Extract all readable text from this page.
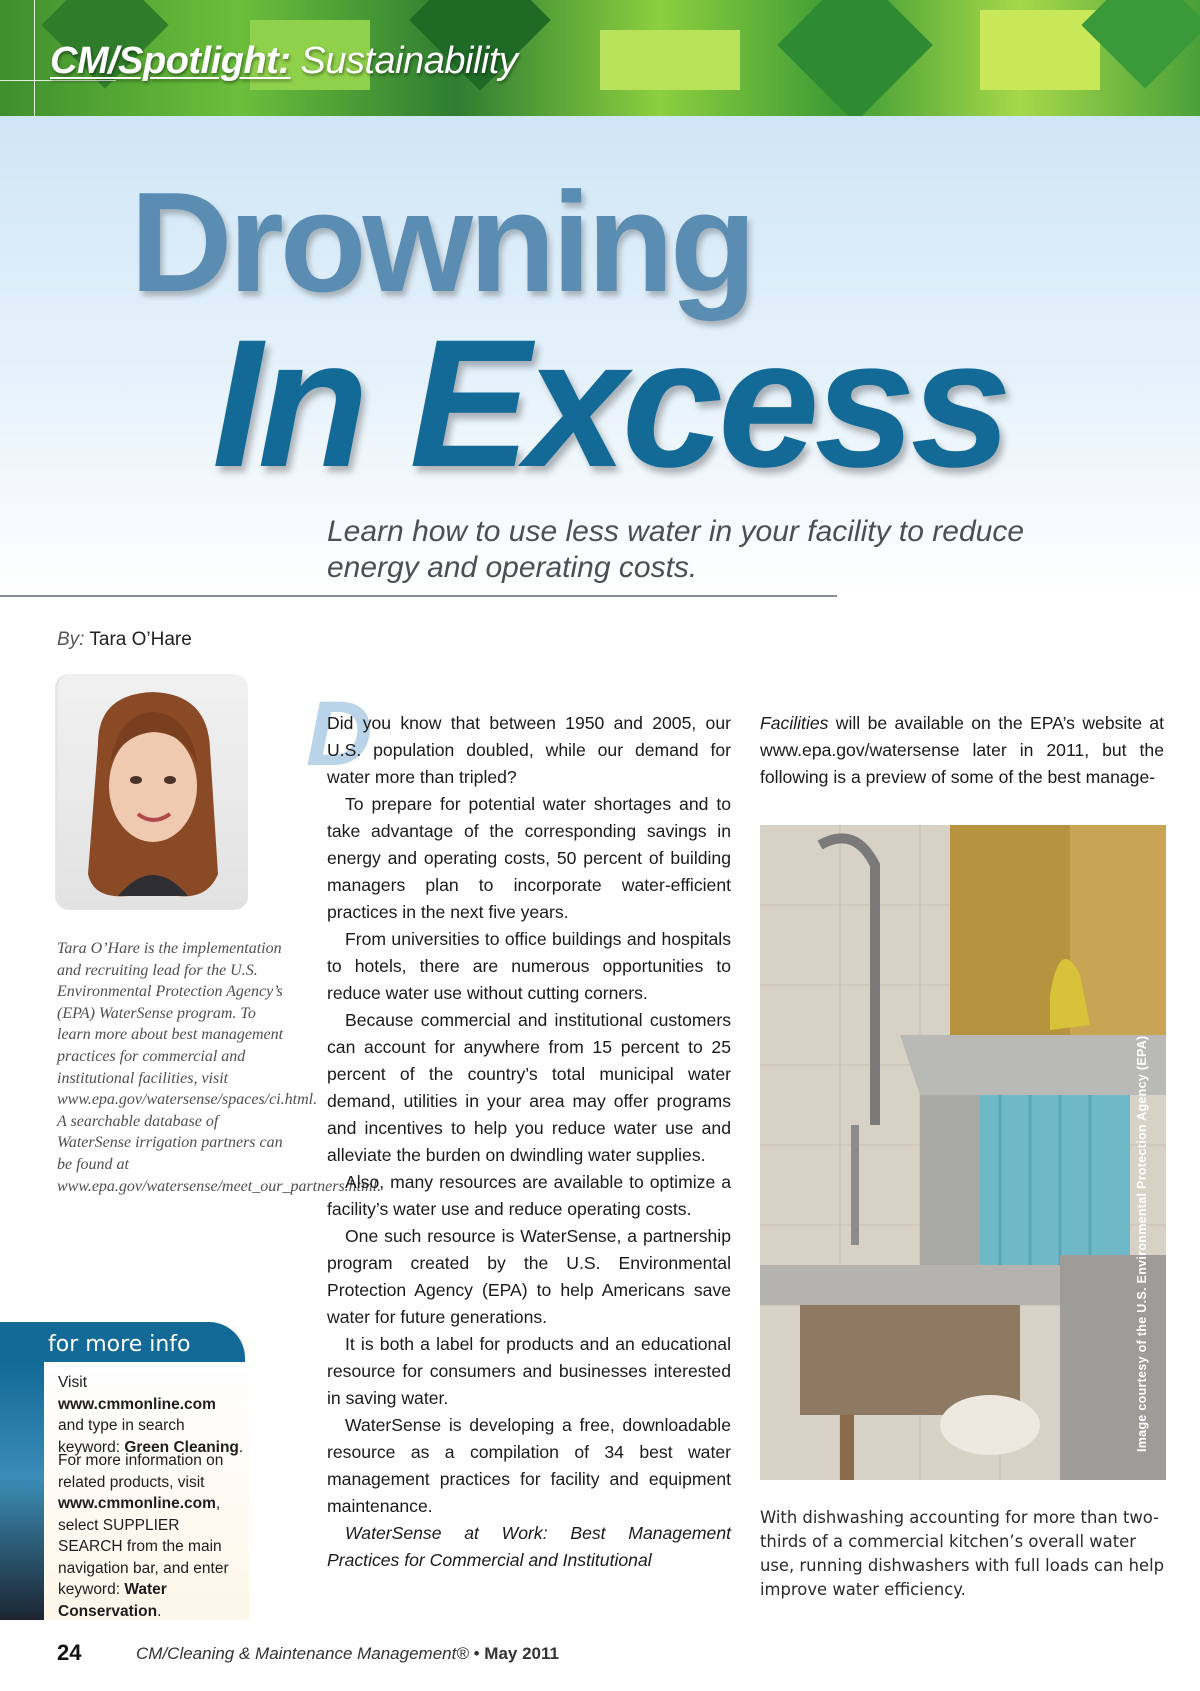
CM/Spotlight: Sustainability
Drowning
In Excess
Learn how to use less water in your facility to reduce energy and operating costs.
By: Tara O’Hare
Tara O’Hare is the implementation and recruiting lead for the U.S. Environmental Protection Agency’s (EPA) WaterSense program. To learn more about best management practices for commercial and institutional facilities, visit www.epa.gov/watersense/spaces/ci.html. A searchable database of WaterSense irrigation partners can be found at www.epa.gov/watersense/meet_our_partners.html.
for more info
Visit www.cmmonline.com and type in search keyword: Green Cleaning.
For more information on related products, visit www.cmmonline.com, select SUPPLIER SEARCH from the main navigation bar, and enter keyword: Water Conservation.
D

Did you know that between 1950 and 2005, our U.S. population doubled, while our demand for water more than tripled?

To prepare for potential water shortages and to take advantage of the corresponding savings in energy and operating costs, 50 percent of building managers plan to incorporate water-efficient practices in the next five years.

From universities to office buildings and hospitals to hotels, there are numerous opportunities to reduce water use without cutting corners.

Because commercial and institutional customers can account for anywhere from 15 percent to 25 percent of the country’s total municipal water demand, utilities in your area may offer programs and incentives to help you reduce water use and alleviate the burden on dwindling water supplies.

Also, many resources are available to optimize a facility’s water use and reduce operating costs.

One such resource is WaterSense, a partnership program created by the U.S. Environmental Protection Agency (EPA) to help Americans save water for future generations.

It is both a label for products and an educational resource for consumers and businesses interested in saving water.

WaterSense is developing a free, downloadable resource as a compilation of 34 best water management practices for facility and equipment maintenance.

WaterSense at Work: Best Management Practices for Commercial and Institutional

Facilities will be available on the EPA’s website at www.epa.gov/watersense later in 2011, but the following is a preview of some of the best manage-

Image courtesy of the U.S. Environmental Protection Agency (EPA)
With dishwashing accounting for more than two-thirds of a commercial kitchen’s overall water use, running dishwashers with full loads can help improve water efficiency.
24	CM/Cleaning & Maintenance Management® • May 2011
